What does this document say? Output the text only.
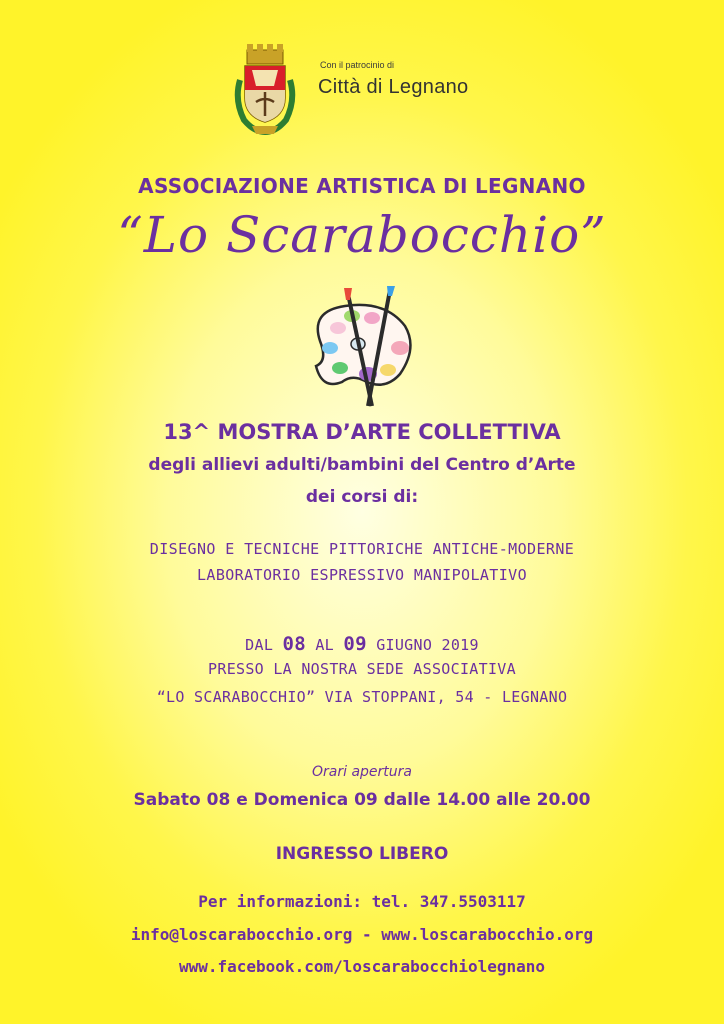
Con il patrocinio di
Città di Legnano
ASSOCIAZIONE ARTISTICA DI LEGNANO
“Lo Scarabocchio”
13^ MOSTRA D’ARTE COLLETTIVA
degli allievi adulti/bambini del Centro d’Arte
dei corsi di:
DISEGNO E TECNICHE PITTORICHE ANTICHE-MODERNE
LABORATORIO ESPRESSIVO MANIPOLATIVO
DAL 08 AL 09 GIUGNO 2019
PRESSO LA NOSTRA SEDE ASSOCIATIVA
“LO SCARABOCCHIO” VIA STOPPANI, 54 - LEGNANO
Orari apertura
Sabato 08 e Domenica 09 dalle 14.00 alle 20.00
INGRESSO LIBERO
Per informazioni: tel. 347.5503117
info@loscarabocchio.org - www.loscarabocchio.org
www.facebook.com/loscarabocchiolegnano
